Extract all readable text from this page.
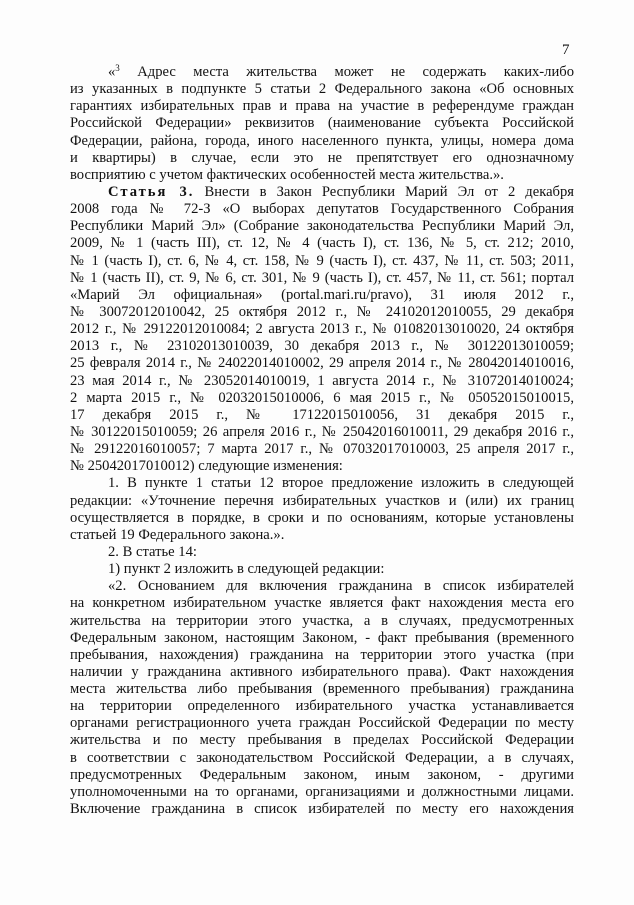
7
«$^3$ Адрес места жительства может не содержать каких-либо
из указанных в подпункте 5 статьи 2 Федерального закона «Об основных
гарантиях избирательных прав и права на участие в референдуме граждан
Российской Федерации» реквизитов (наименование субъекта Российской
Федерации, района, города, иного населенного пункта, улицы, номера дома
и квартиры) в случае, если это не препятствует его однозначному
восприятию с учетом фактических особенностей места жительства.».
Статья 3. Внести в Закон Республики Марий Эл от 2 декабря
2008 года № 72-З «О выборах депутатов Государственного Собрания
Республики Марий Эл» (Собрание законодательства Республики Марий Эл,
2009, № 1 (часть III), ст. 12, № 4 (часть I), ст. 136, № 5, ст. 212; 2010,
№ 1 (часть I), ст. 6, № 4, ст. 158, № 9 (часть I), ст. 437, № 11, ст. 503; 2011,
№ 1 (часть II), ст. 9, № 6, ст. 301, № 9 (часть I), ст. 457, № 11, ст. 561; портал
«Марий Эл официальная» (portal.mari.ru/pravo), 31 июля 2012 г.,
№ 30072012010042, 25 октября 2012 г., № 24102012010055, 29 декабря
2012 г., № 29122012010084; 2 августа 2013 г., № 01082013010020, 24 октября
2013 г., № 23102013010039, 30 декабря 2013 г., № 30122013010059;
25 февраля 2014 г., № 24022014010002, 29 апреля 2014 г., № 28042014010016,
23 мая 2014 г., № 23052014010019, 1 августа 2014 г., № 31072014010024;
2 марта 2015 г., № 02032015010006, 6 мая 2015 г., № 05052015010015,
17 декабря 2015 г., № 17122015010056, 31 декабря 2015 г.,
№ 30122015010059; 26 апреля 2016 г., № 25042016010011, 29 декабря 2016 г.,
№ 29122016010057; 7 марта 2017 г., № 07032017010003, 25 апреля 2017 г.,
№ 25042017010012) следующие изменения:
1. В пункте 1 статьи 12 второе предложение изложить в следующей
редакции: «Уточнение перечня избирательных участков и (или) их границ
осуществляется в порядке, в сроки и по основаниям, которые установлены
статьей 19 Федерального закона.».
2. В статье 14:
1) пункт 2 изложить в следующей редакции:
«2. Основанием для включения гражданина в список избирателей
на конкретном избирательном участке является факт нахождения места его
жительства на территории этого участка, а в случаях, предусмотренных
Федеральным законом, настоящим Законом, - факт пребывания (временного
пребывания, нахождения) гражданина на территории этого участка (при
наличии у гражданина активного избирательного права). Факт нахождения
места жительства либо пребывания (временного пребывания) гражданина
на территории определенного избирательного участка устанавливается
органами регистрационного учета граждан Российской Федерации по месту
жительства и по месту пребывания в пределах Российской Федерации
в соответствии с законодательством Российской Федерации, а в случаях,
предусмотренных Федеральным законом, иным законом, - другими
уполномоченными на то органами, организациями и должностными лицами.
Включение гражданина в список избирателей по месту его нахождения
